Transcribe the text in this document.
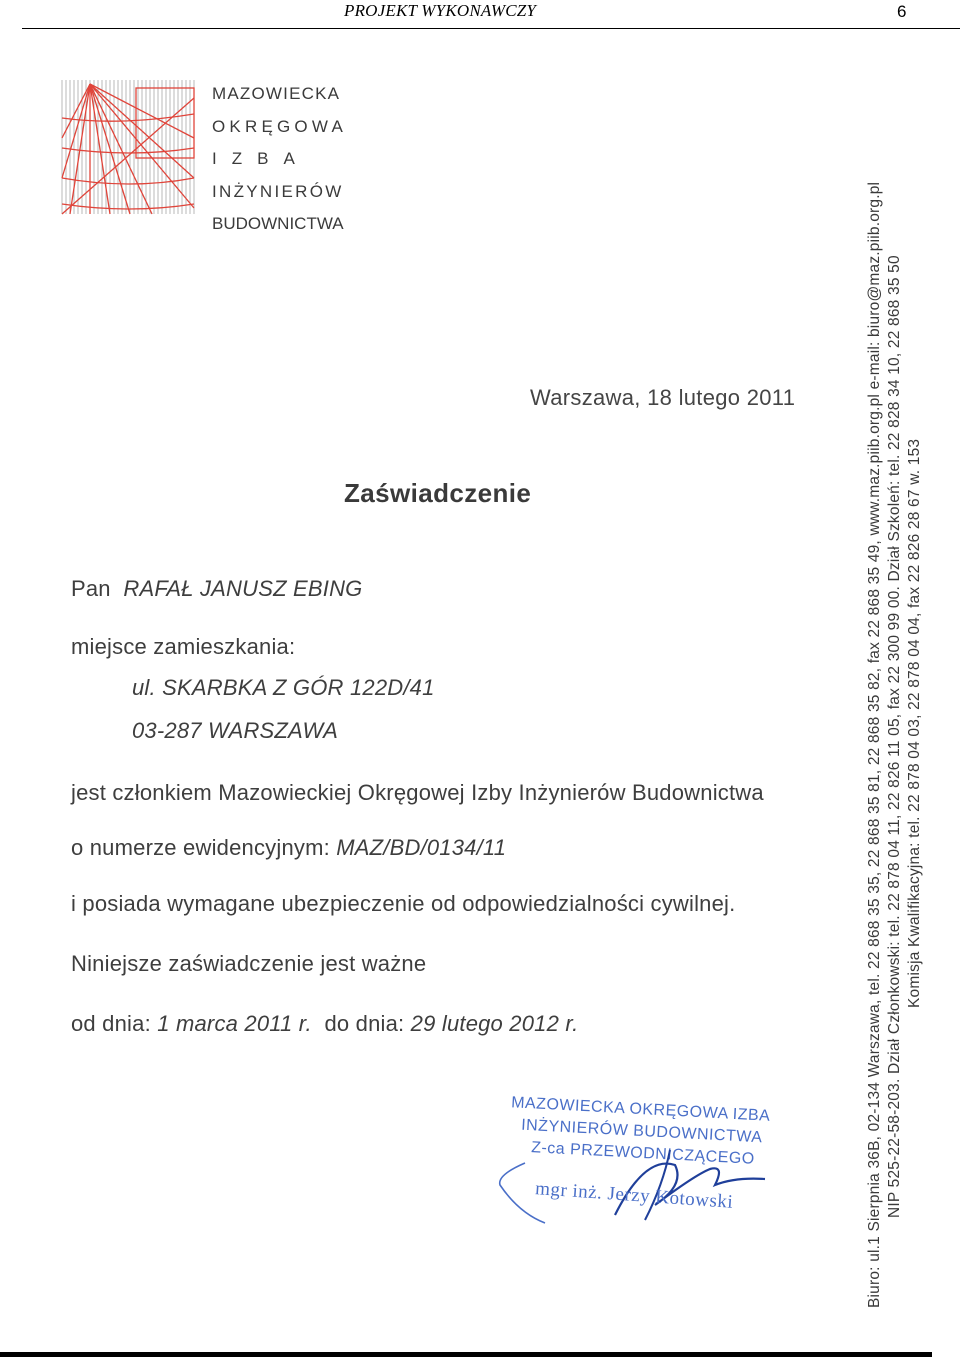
PROJEKT WYKONAWCZY	6
MAZOWIECKA
OKRĘGOWA
IZBA
INŻYNIERÓW
BUDOWNICTWA
Warszawa, 18 lutego 2011
Zaświadczenie
Pan RAFAŁ JANUSZ EBING
miejsce zamieszkania:
ul. SKARBKA Z GÓR 122D/41
03-287 WARSZAWA
jest członkiem Mazowieckiej Okręgowej Izby Inżynierów Budownictwa
o numerze ewidencyjnym: MAZ/BD/0134/11
i posiada wymagane ubezpieczenie od odpowiedzialności cywilnej.
Niniejsze zaświadczenie jest ważne
od dnia: 1 marca 2011 r. do dnia: 29 lutego 2012 r.
MAZOWIECKA OKRĘGOWA IZBA
INŻYNIERÓW BUDOWNICTWA
Z-ca PRZEWODNICZĄCEGO
mgr inż. Jerzy Kotowski	Biuro: ul.1 Sierpnia 36B, 02-134 Warszawa, tel. 22 868 35 35, 22 868 35 81, 22 868 35 82, fax 22 868 35 49, www.maz.piib.org.pl e-mail: biuro@maz.piib.org.pl NIP 525-22-58-203. Dział Członkowski: tel. 22 878 04 11, 22 826 11 05, fax 22 300 99 00. Dział Szkoleń: tel. 22 828 34 10, 22 868 35 50 Komisja Kwalifikacyjna: tel. 22 878 04 03, 22 878 04 04, fax 22 826 28 67 w. 153
